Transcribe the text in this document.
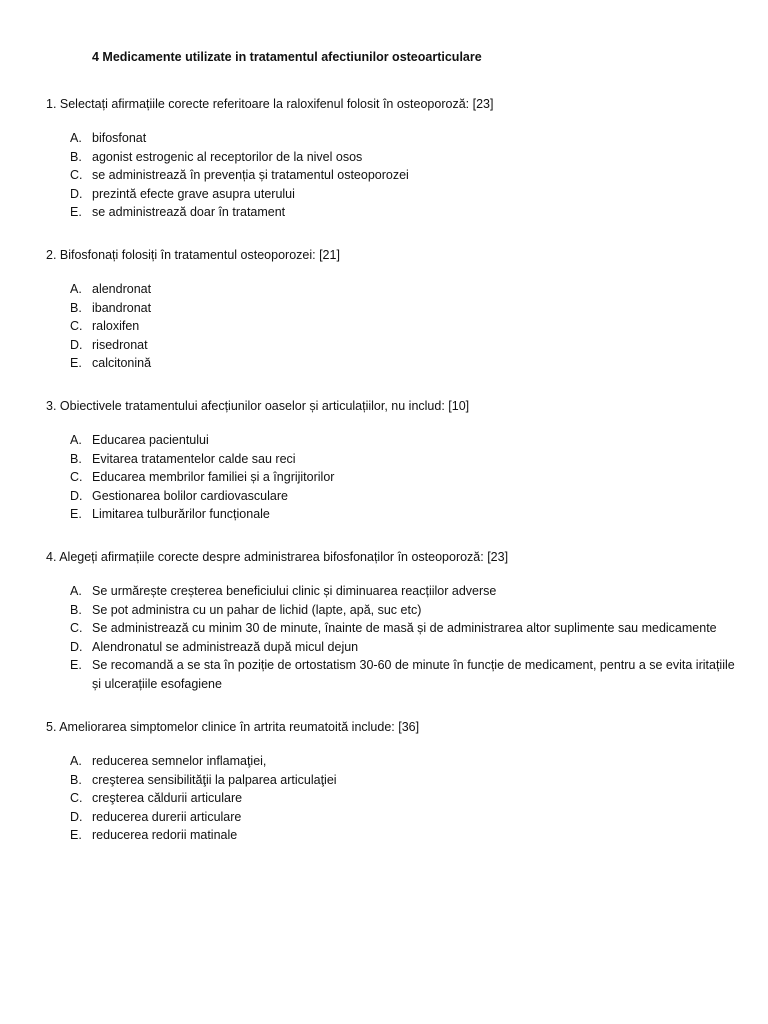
4 Medicamente utilizate in tratamentul afectiunilor osteoarticulare

1. Selectați afirmațiile corecte referitoare la raloxifenul folosit în osteoporoză: [23]

A. bifosfonat
B. agonist estrogenic al receptorilor de la nivel osos
C. se administrează în prevenția și tratamentul osteoporozei
D. prezintă efecte grave asupra uterului
E. se administrează doar în tratament

2. Bifosfonați folosiți în tratamentul osteoporozei: [21]

A. alendronat
B. ibandronat
C. raloxifen
D. risedronat
E. calcitonină

3. Obiectivele tratamentului afecțiunilor oaselor și articulațiilor, nu includ: [10]

A. Educarea pacientului
B. Evitarea tratamentelor calde sau reci
C. Educarea membrilor familiei și a îngrijitorilor
D. Gestionarea bolilor cardiovasculare
E. Limitarea tulburărilor funcționale

4. Alegeți afirmațiile corecte despre administrarea bifosfonaților în osteoporoză: [23]

A. Se urmărește creșterea beneficiului clinic și diminuarea reacțiilor adverse
B. Se pot administra cu un pahar de lichid (lapte, apă, suc etc)
C. Se administrează cu minim 30 de minute, înainte de masă și de administrarea altor suplimente sau medicamente
D. Alendronatul se administrează după micul dejun
E. Se recomandă a se sta în poziție de ortostatism 30-60 de minute în funcție de medicament, pentru a se evita iritațiile și ulcerațiile esofagiene

5. Ameliorarea simptomelor clinice în artrita reumatoită include: [36]

A. reducerea semnelor inflamaţiei,
B. creşterea sensibilităţii la palparea articulaţiei
C. creşterea căldurii articulare
D. reducerea durerii articulare
E. reducerea redorii matinale
